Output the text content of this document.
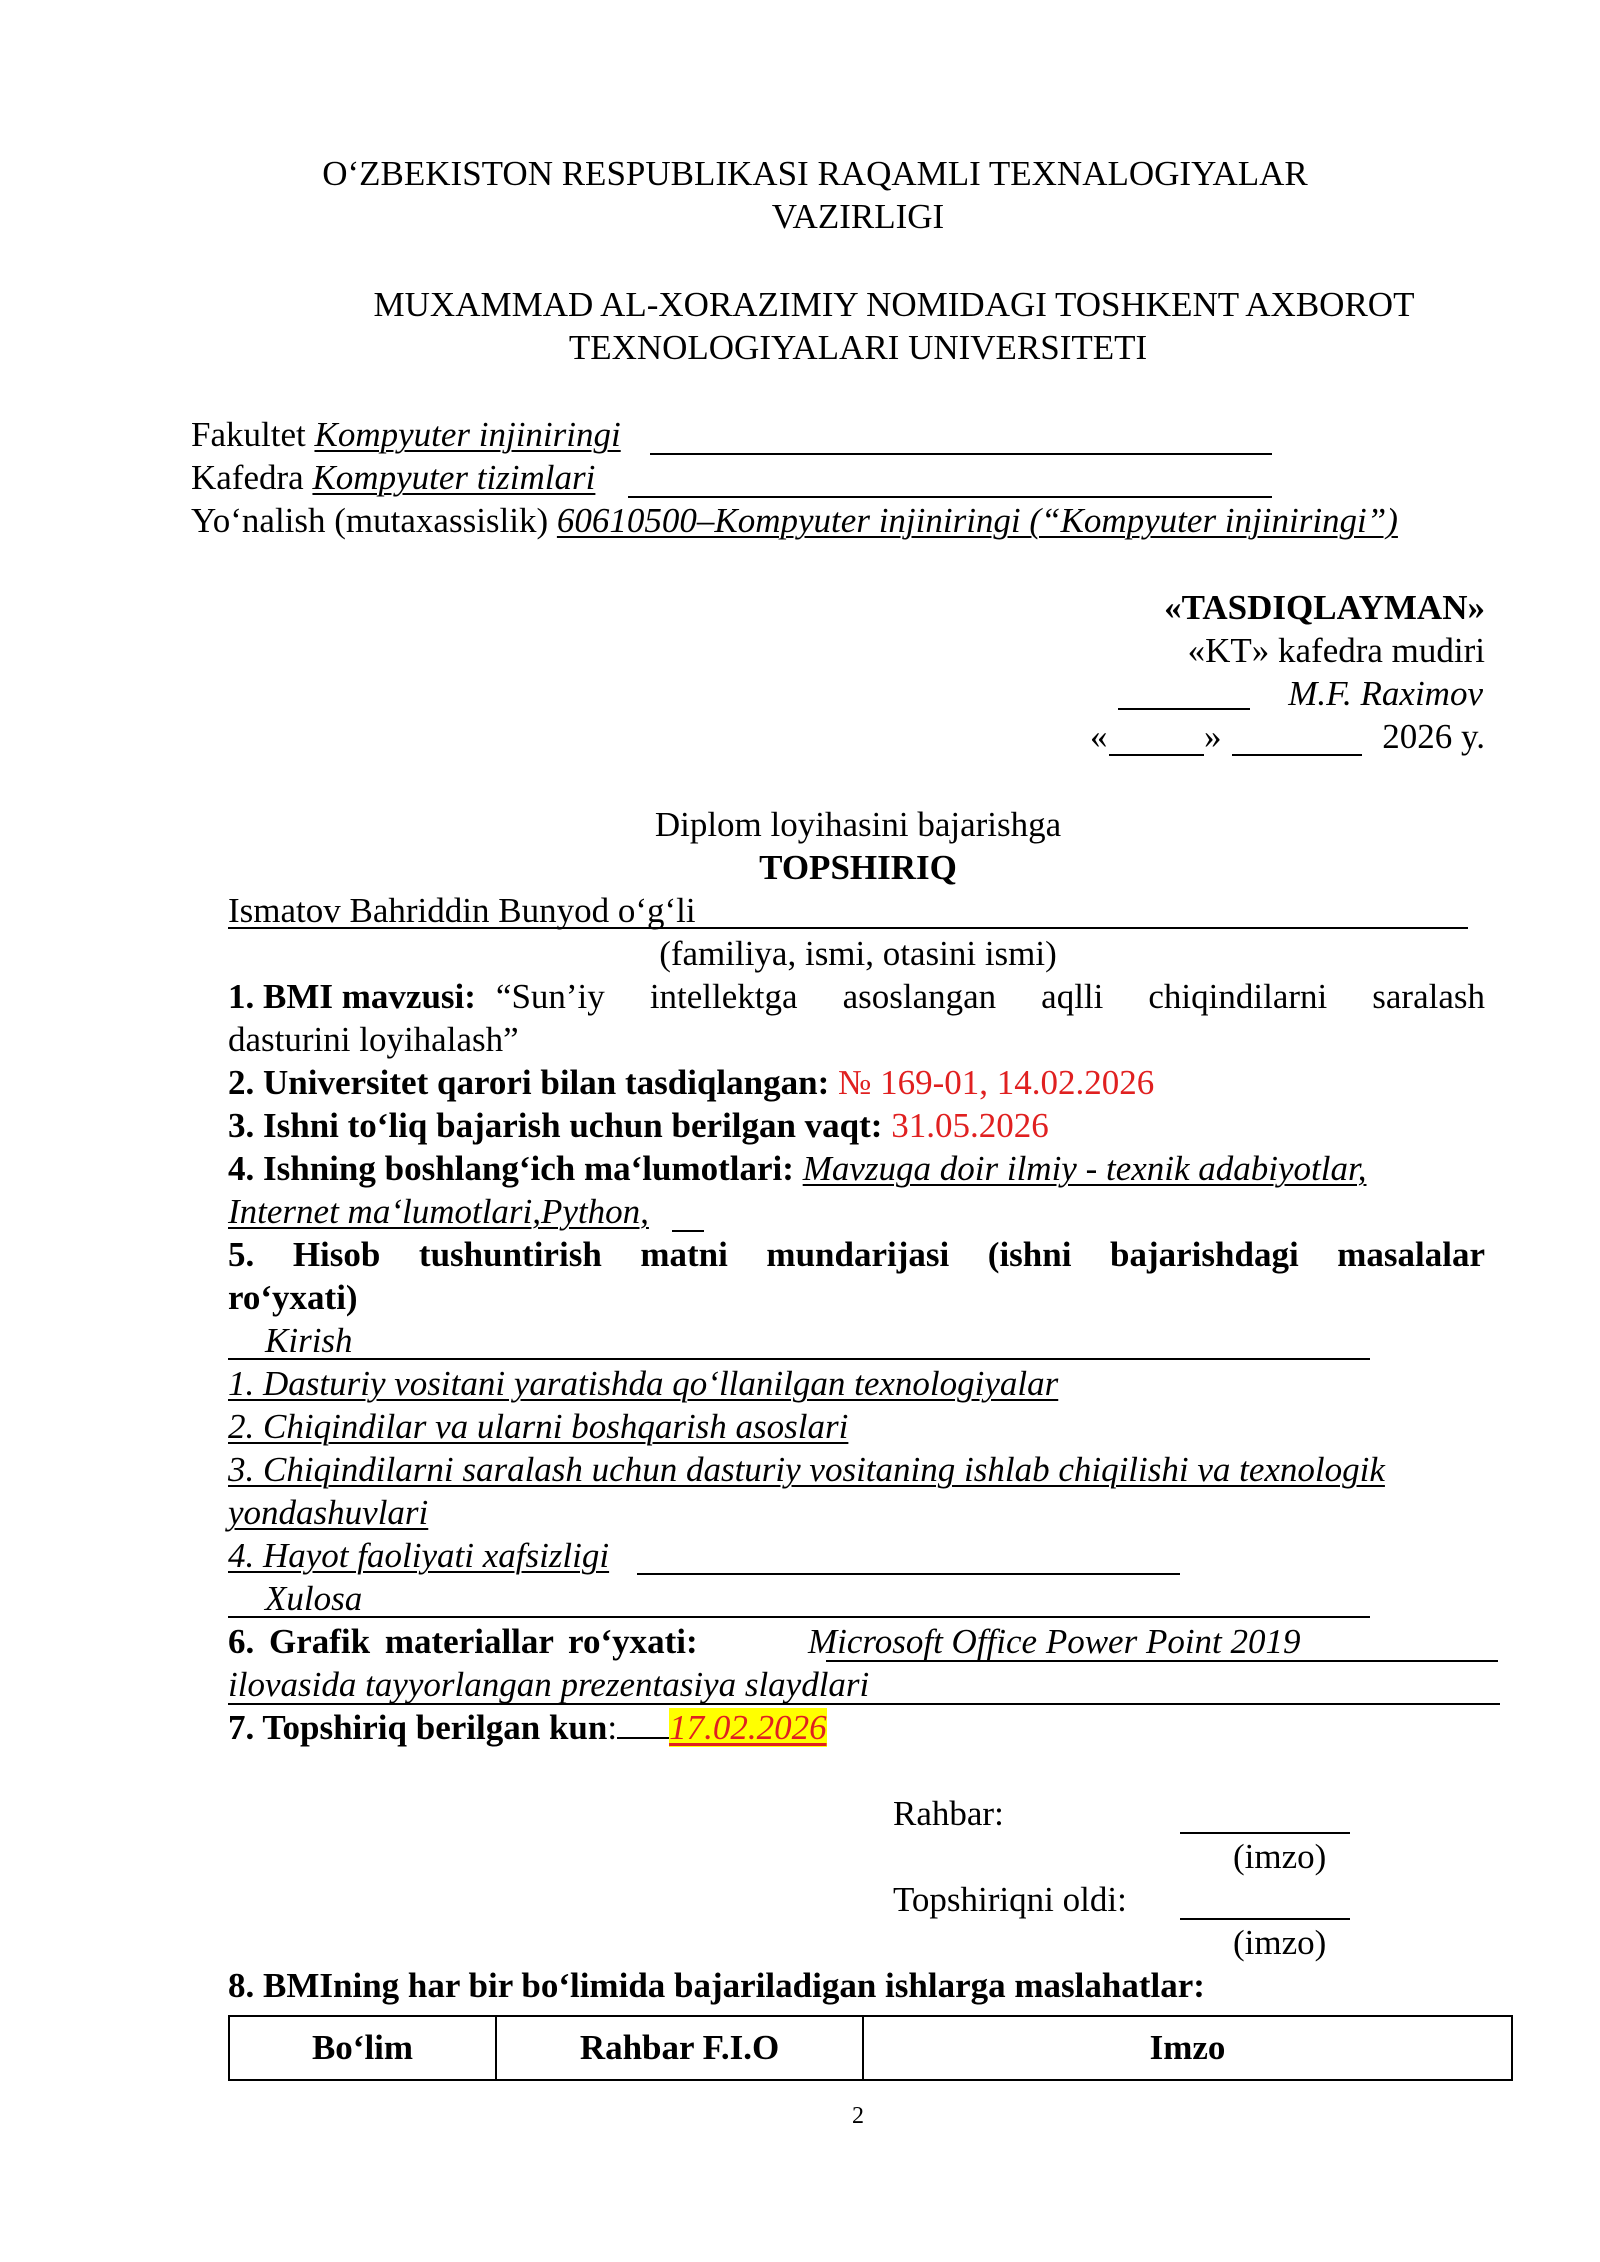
O‘ZBEKISTON RESPUBLIKASI RAQAMLI TEXNALOGIYALAR
VAZIRLIGI
MUXAMMAD AL-XORAZIMIY NOMIDAGI TOSHKENT AXBOROT
TEXNOLOGIYALARI UNIVERSITETI
Fakultet Kompyuter injiniringi
Kafedra Kompyuter tizimlari
Yo‘nalish (mutaxassislik) 60610500–Kompyuter injiniringi (“Kompyuter injiniringi”)
«TASDIQLAYMAN»
«KT» kafedra mudiri
M.F. Raximov
«	»	2026 y.
Diplom loyihasini bajarishga
TOPSHIRIQ
Ismatov Bahriddin Bunyod o‘g‘li
(familiya, ismi, otasini ismi)
1. BMI mavzusi: “Sun’iy intellektga asoslangan aqlli chiqindilarni saralash
dasturini loyihalash”
2. Universitet qarori bilan tasdiqlangan: № 169-01, 14.02.2026
3. Ishni to‘liq bajarish uchun berilgan vaqt: 31.05.2026
4. Ishning boshlang‘ich ma‘lumotlari: Mavzuga doir ilmiy - texnik adabiyotlar,
Internet ma‘lumotlari,Python,
5. Hisob tushuntirish matni mundarijasi (ishni bajarishdagi masalalar
ro‘yxati)
Kirish
1. Dasturiy vositani yaratishda qo‘llanilgan texnologiyalar
2. Chiqindilar va ularni boshqarish asoslari
3. Chiqindilarni saralash uchun dasturiy vositaning ishlab chiqilishi va texnologik
yondashuvlari
4. Hayot faoliyati xafsizligi
Xulosa
6. Grafik materiallar ro‘yxati:	Microsoft Office Power Point 2019
ilovasida tayyorlangan prezentasiya slaydlari
7. Topshiriq berilgan kun: 17.02.2026
Rahbar:
(imzo)
Topshiriqni oldi:
(imzo)
8. BMIning har bir bo‘limida bajariladigan ishlarga maslahatlar:
Bo‘lim	Rahbar F.I.O	Imzo
2
